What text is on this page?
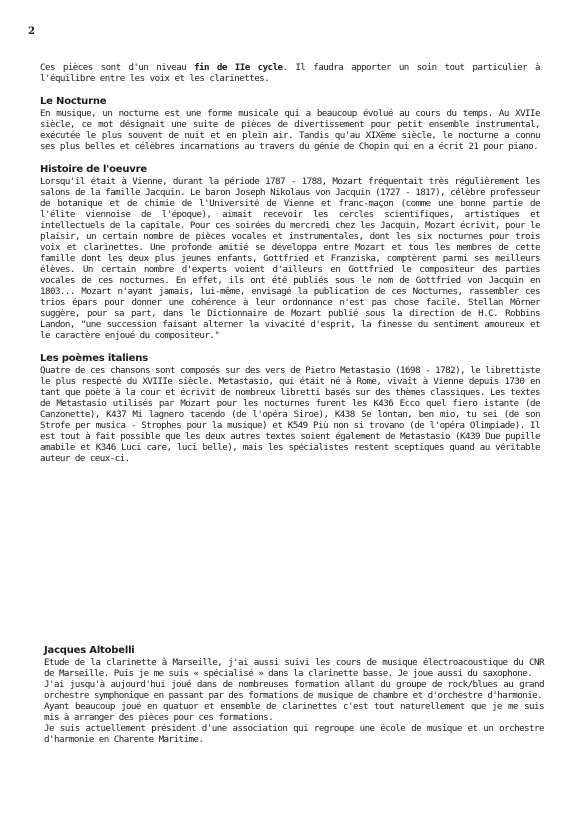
2

Ces pièces sont d'un niveau fin de IIe cycle. Il faudra apporter un soin tout particulier à l'équilibre entre les voix et les clarinettes.

Le Nocturne

En musique, un nocturne est une forme musicale qui a beaucoup évolué au cours du temps. Au XVIIe siècle, ce mot désignait une suite de pièces de divertissement pour petit ensemble instrumental, exécutée le plus souvent de nuit et en plein air. Tandis qu'au XIXème siècle, le nocturne a connu ses plus belles et célèbres incarnations au travers du génie de Chopin qui en a écrit 21 pour piano.

Histoire de l'oeuvre

Lorsqu'il était à Vienne, durant la période 1787 - 1788, Mozart fréquentait très régulièrement les salons de la famille Jacquin. Le baron Joseph Nikolaus von Jacquin (1727 - 1817), célèbre professeur de botanique et de chimie de l'Université de Vienne et franc-maçon (comme une bonne partie de l'élite viennoise de l'époque), aimait recevoir les cercles scientifiques, artistiques et intellectuels de la capitale. Pour ces soirées du mercredi chez les Jacquin, Mozart écrivit, pour le plaisir, un certain nombre de pièces vocales et instrumentales, dont les six nocturnes pour trois voix et clarinettes. Une profonde amitié se développa entre Mozart et tous les membres de cette famille dont les deux plus jeunes enfants, Gottfried et Franziska, comptèrent parmi ses meilleurs élèves. Un certain nombre d'experts voient d'ailleurs en Gottfried le compositeur des parties vocales de ces nocturnes. En effet, ils ont été publiés sous le nom de Gottfried von Jacquin en 1803... Mozart n'ayant jamais, lui-même, envisagé la publication de ces Nocturnes, rassembler ces trios épars pour donner une cohérence à leur ordonnance n'est pas chose facile. Stellan Mörner suggère, pour sa part, dans le Dictionnaire de Mozart publié sous la direction de H.C. Robbins Landon, "une succession faisant alterner la vivacité d'esprit, la finesse du sentiment amoureux et le caractère enjoué du compositeur."

Les poèmes italiens

Quatre de ces chansons sont composés sur des vers de Pietro Metastasio (1698 - 1782), le librettiste le plus respecté du XVIIIe siècle. Metastasio, qui était né à Rome, vivait à Vienne depuis 1730 en tant que poète à la cour et écrivit de nombreux libretti basés sur des thèmes classiques. Les textes de Metastasio utilisés par Mozart pour les nocturnes furent les K436 Ecco quel fiero istante (de Canzonette), K437 Mi lagnero tacendo (de l'opéra Siroe), K438 Se lontan, ben mio, tu sei (de son Strofe per musica - Strophes pour la musique) et K549 Più non si trovano (de l'opéra Olimpiade). Il est tout à fait possible que les deux autres textes soient également de Metastasio (K439 Due pupille amabile et K346 Luci care, luci belle), mais les spécialistes restent sceptiques quand au véritable auteur de ceux-ci.

Jacques Altobelli

Etude de la clarinette à Marseille, j'ai aussi suivi les cours de musique électroacoustique du CNR de Marseille. Puis je me suis « spécialisé » dans la clarinette basse. Je joue aussi du saxophone.

J'ai jusqu'à aujourd'hui joué dans de nombreuses formation allant du groupe de rock/blues au grand orchestre symphonique en passant par des formations de musique de chambre et d'orchestre d'harmonie.

Ayant beaucoup joué en quatuor et ensemble de clarinettes c'est tout naturellement que je me suis mis à arranger des pièces pour ces formations.

Je suis actuellement président d'une association qui regroupe une école de musique et un orchestre d'harmonie en Charente Maritime.
